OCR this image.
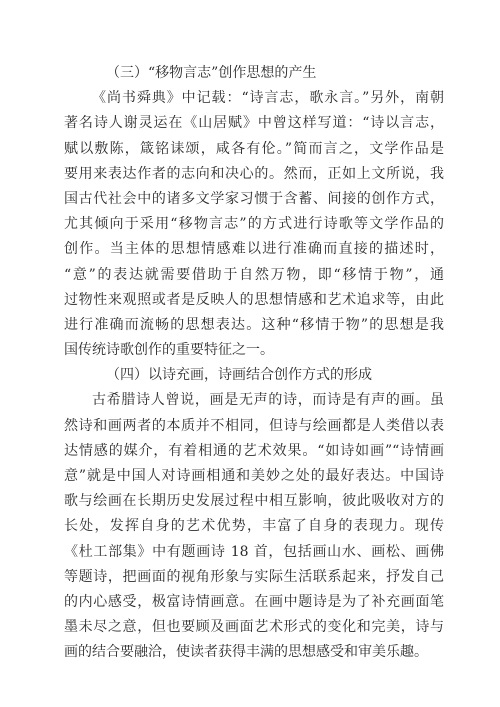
（三）“移物言志”创作思想的产生
《尚书舜典》中记载：“诗言志，歌永言。”另外，南朝
著名诗人谢灵运在《山居赋》中曾这样写道：“诗以言志，
赋以敷陈，箴铭诔颂，咸各有伦。”简而言之，文学作品是
要用来表达作者的志向和决心的。然而，正如上文所说，我
国古代社会中的诸多文学家习惯于含蓄、间接的创作方式，
尤其倾向于采用“移物言志”的方式进行诗歌等文学作品的
创作。当主体的思想情感难以进行准确而直接的描述时，
“意”的表达就需要借助于自然万物，即“移情于物”，通
过物性来观照或者是反映人的思想情感和艺术追求等，由此
进行准确而流畅的思想表达。这种“移情于物”的思想是我
国传统诗歌创作的重要特征之一。
（四）以诗充画，诗画结合创作方式的形成
古希腊诗人曾说，画是无声的诗，而诗是有声的画。虽
然诗和画两者的本质并不相同，但诗与绘画都是人类借以表
达情感的媒介，有着相通的艺术效果。“如诗如画”“诗情画
意”就是中国人对诗画相通和美妙之处的最好表达。中国诗
歌与绘画在长期历史发展过程中相互影响，彼此吸收对方的
长处，发挥自身的艺术优势，丰富了自身的表现力。现传
《杜工部集》中有题画诗 18 首，包括画山水、画松、画佛
等题诗，把画面的视角形象与实际生活联系起来，抒发自己
的内心感受，极富诗情画意。在画中题诗是为了补充画面笔
墨未尽之意，但也要顾及画面艺术形式的变化和完美，诗与
画的结合要融洽，使读者获得丰满的思想感受和审美乐趣。
